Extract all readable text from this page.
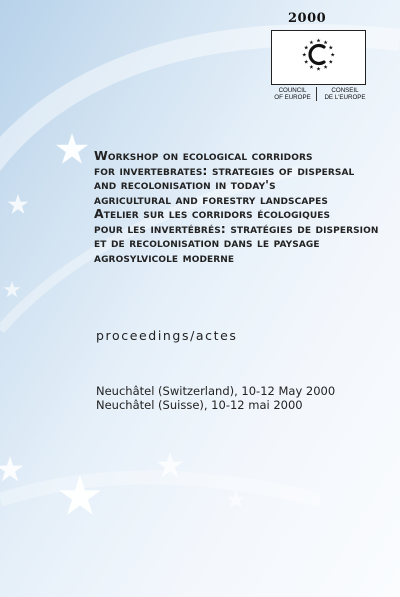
2000
COUNCIL
OF EUROPE
CONSEIL
DE L'EUROPE
Workshop on ecological corridors
for invertebrates: strategies of dispersal
and recolonisation in today's
agricultural and forestry landscapes
Atelier sur les corridors écologiques
pour les invertébrés: stratégies de dispersion
et de recolonisation dans le paysage
agrosylvicole moderne
proceedings/actes
Neuchâtel (Switzerland), 10-12 May 2000
Neuchâtel (Suisse), 10-12 mai 2000
